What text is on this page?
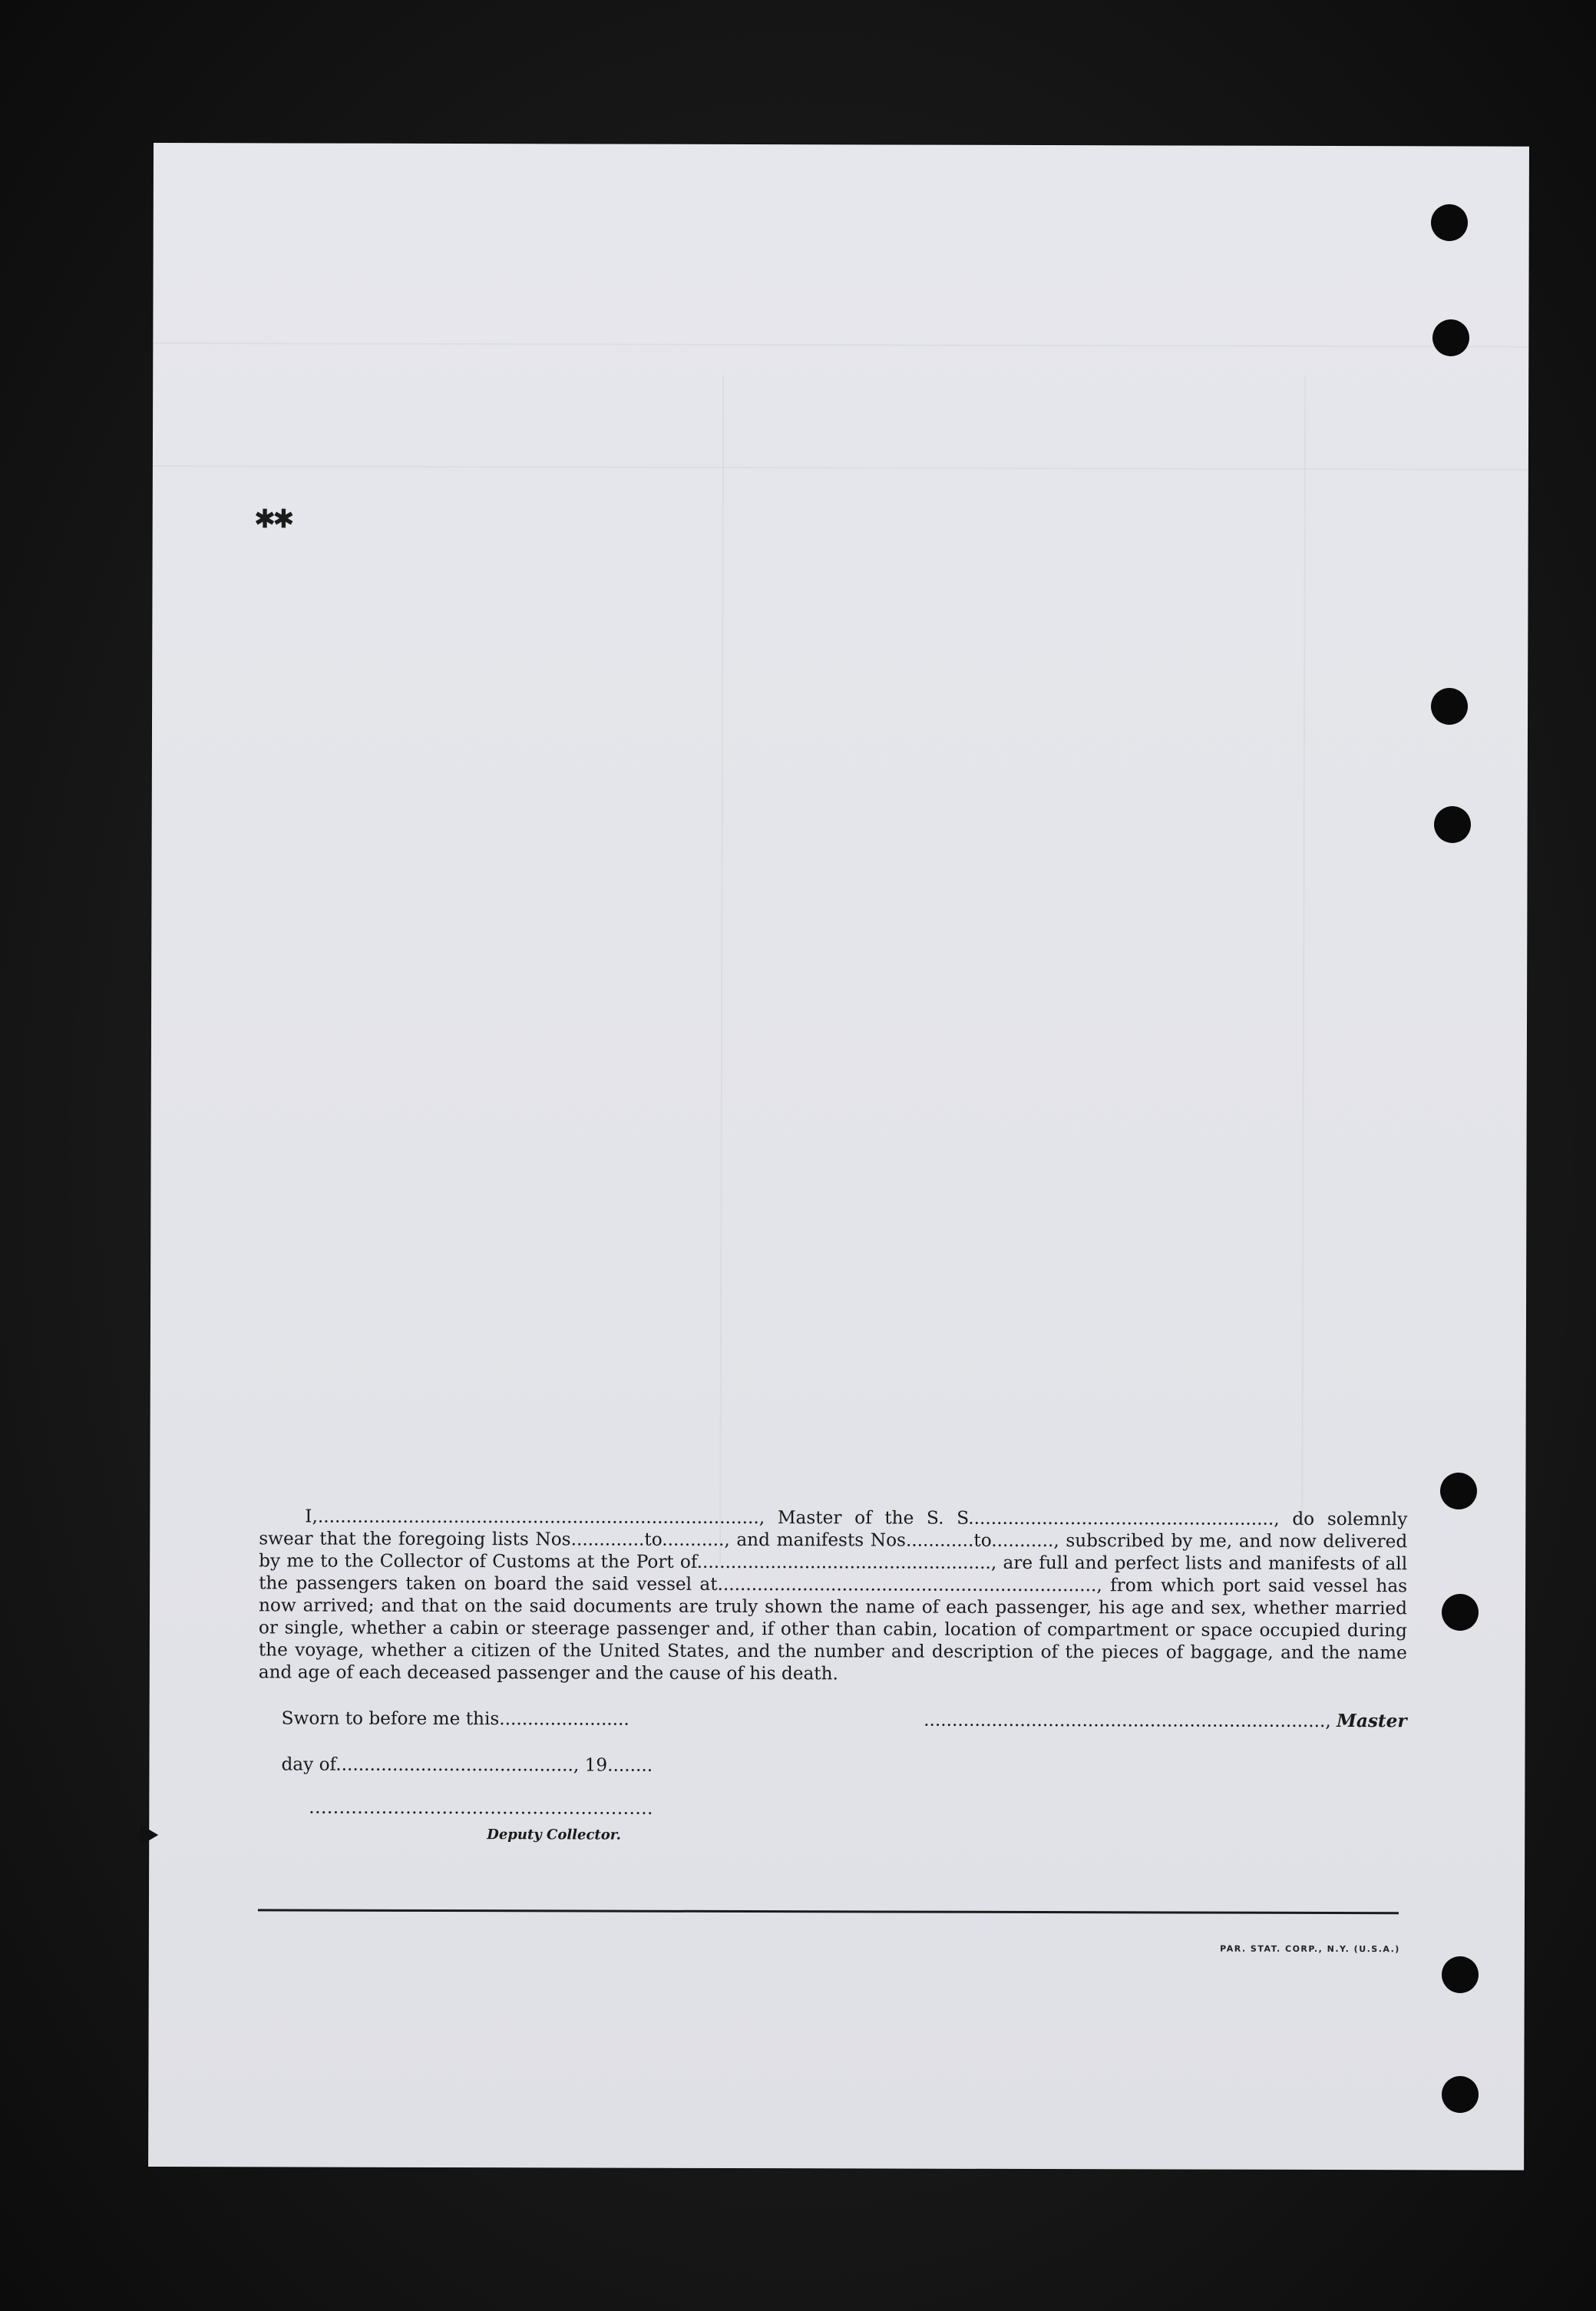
✱✱

I,.............................................................................., Master of the S. S......................................................, do solemnly swear that the foregoing lists Nos.............to..........., and manifests Nos............to..........., subscribed by me, and now delivered by me to the Collector of Customs at the Port of...................................................., are full and perfect lists and manifests of all the passengers taken on board the said vessel at..................................................................., from which port said vessel has now arrived; and that on the said documents are truly shown the name of each passenger, his age and sex, whether married or single, whether a cabin or steerage passenger and, if other than cabin, location of compartment or space occupied during the voyage, whether a citizen of the United States, and the number and description of the pieces of baggage, and the name and age of each deceased passenger and the cause of his death.

Sworn to before me this.......................	......................................................................., Master
day of.........................................., 19........
.........................................................
Deputy Collector.
PAR. STAT. CORP., N.Y. (U.S.A.)
